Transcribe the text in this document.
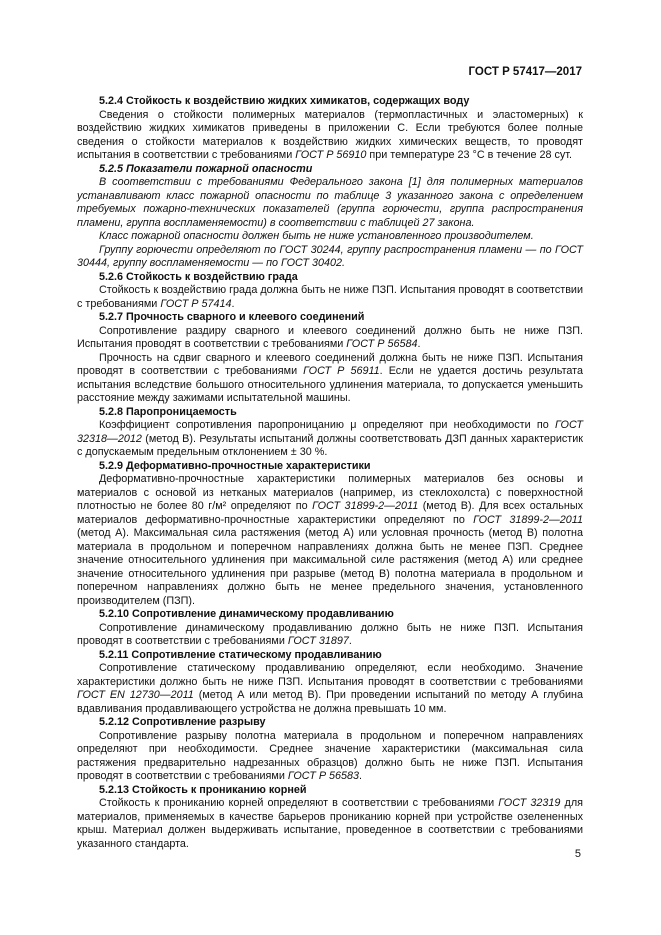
ГОСТ Р 57417—2017

5.2.4 Стойкость к воздействию жидких химикатов, содержащих воду

Сведения о стойкости полимерных материалов (термопластичных и эластомерных) к воздействию жидких химикатов приведены в приложении С. Если требуются более полные сведения о стойкости материалов к воздействию жидких химических веществ, то проводят испытания в соответствии с требованиями ГОСТ Р 56910 при температуре 23 °С в течение 28 сут.

5.2.5 Показатели пожарной опасности

В соответствии с требованиями Федерального закона [1] для полимерных материалов устанавливают класс пожарной опасности по таблице 3 указанного закона с определением требуемых пожарно-технических показателей (группа горючести, группа распространения пламени, группа воспламеняемости) в соответствии с таблицей 27 закона.

Класс пожарной опасности должен быть не ниже установленного производителем.

Группу горючести определяют по ГОСТ 30244, группу распространения пламени — по ГОСТ 30444, группу воспламеняемости — по ГОСТ 30402.

5.2.6 Стойкость к воздействию града

Стойкость к воздействию града должна быть не ниже ПЗП. Испытания проводят в соответствии с требованиями ГОСТ Р 57414.

5.2.7 Прочность сварного и клеевого соединений

Сопротивление раздиру сварного и клеевого соединений должно быть не ниже ПЗП. Испытания проводят в соответствии с требованиями ГОСТ Р 56584.

Прочность на сдвиг сварного и клеевого соединений должна быть не ниже ПЗП. Испытания проводят в соответствии с требованиями ГОСТ Р 56911. Если не удается достичь результата испытания вследствие большого относительного удлинения материала, то допускается уменьшить расстояние между зажимами испытательной машины.

5.2.8 Паропроницаемость

Коэффициент сопротивления паропроницанию μ определяют при необходимости по ГОСТ 32318—2012 (метод В). Результаты испытаний должны соответствовать ДЗП данных характеристик с допускаемым предельным отклонением ± 30 %.

5.2.9 Деформативно-прочностные характеристики

Деформативно-прочностные характеристики полимерных материалов без основы и материалов с основой из нетканых материалов (например, из стеклохолста) с поверхностной плотностью не более 80 г/м² определяют по ГОСТ 31899-2—2011 (метод В). Для всех остальных материалов деформативно-прочностные характеристики определяют по ГОСТ 31899-2—2011 (метод А). Максимальная сила растяжения (метод А) или условная прочность (метод В) полотна материала в продольном и поперечном направлениях должна быть не менее ПЗП. Среднее значение относительного удлинения при максимальной силе растяжения (метод А) или среднее значение относительного удлинения при разрыве (метод В) полотна материала в продольном и поперечном направлениях должно быть не менее предельного значения, установленного производителем (ПЗП).

5.2.10 Сопротивление динамическому продавливанию

Сопротивление динамическому продавливанию должно быть не ниже ПЗП. Испытания проводят в соответствии с требованиями ГОСТ 31897.

5.2.11 Сопротивление статическому продавливанию

Сопротивление статическому продавливанию определяют, если необходимо. Значение характеристики должно быть не ниже ПЗП. Испытания проводят в соответствии с требованиями ГОСТ EN 12730—2011 (метод А или метод В). При проведении испытаний по методу А глубина вдавливания продавливающего устройства не должна превышать 10 мм.

5.2.12 Сопротивление разрыву

Сопротивление разрыву полотна материала в продольном и поперечном направлениях определяют при необходимости. Среднее значение характеристики (максимальная сила растяжения предварительно надрезанных образцов) должно быть не ниже ПЗП. Испытания проводят в соответствии с требованиями ГОСТ Р 56583.

5.2.13 Стойкость к прониканию корней

Стойкость к прониканию корней определяют в соответствии с требованиями ГОСТ 32319 для материалов, применяемых в качестве барьеров прониканию корней при устройстве озелененных крыш. Материал должен выдерживать испытание, проведенное в соответствии с требованиями указанного стандарта.

5
